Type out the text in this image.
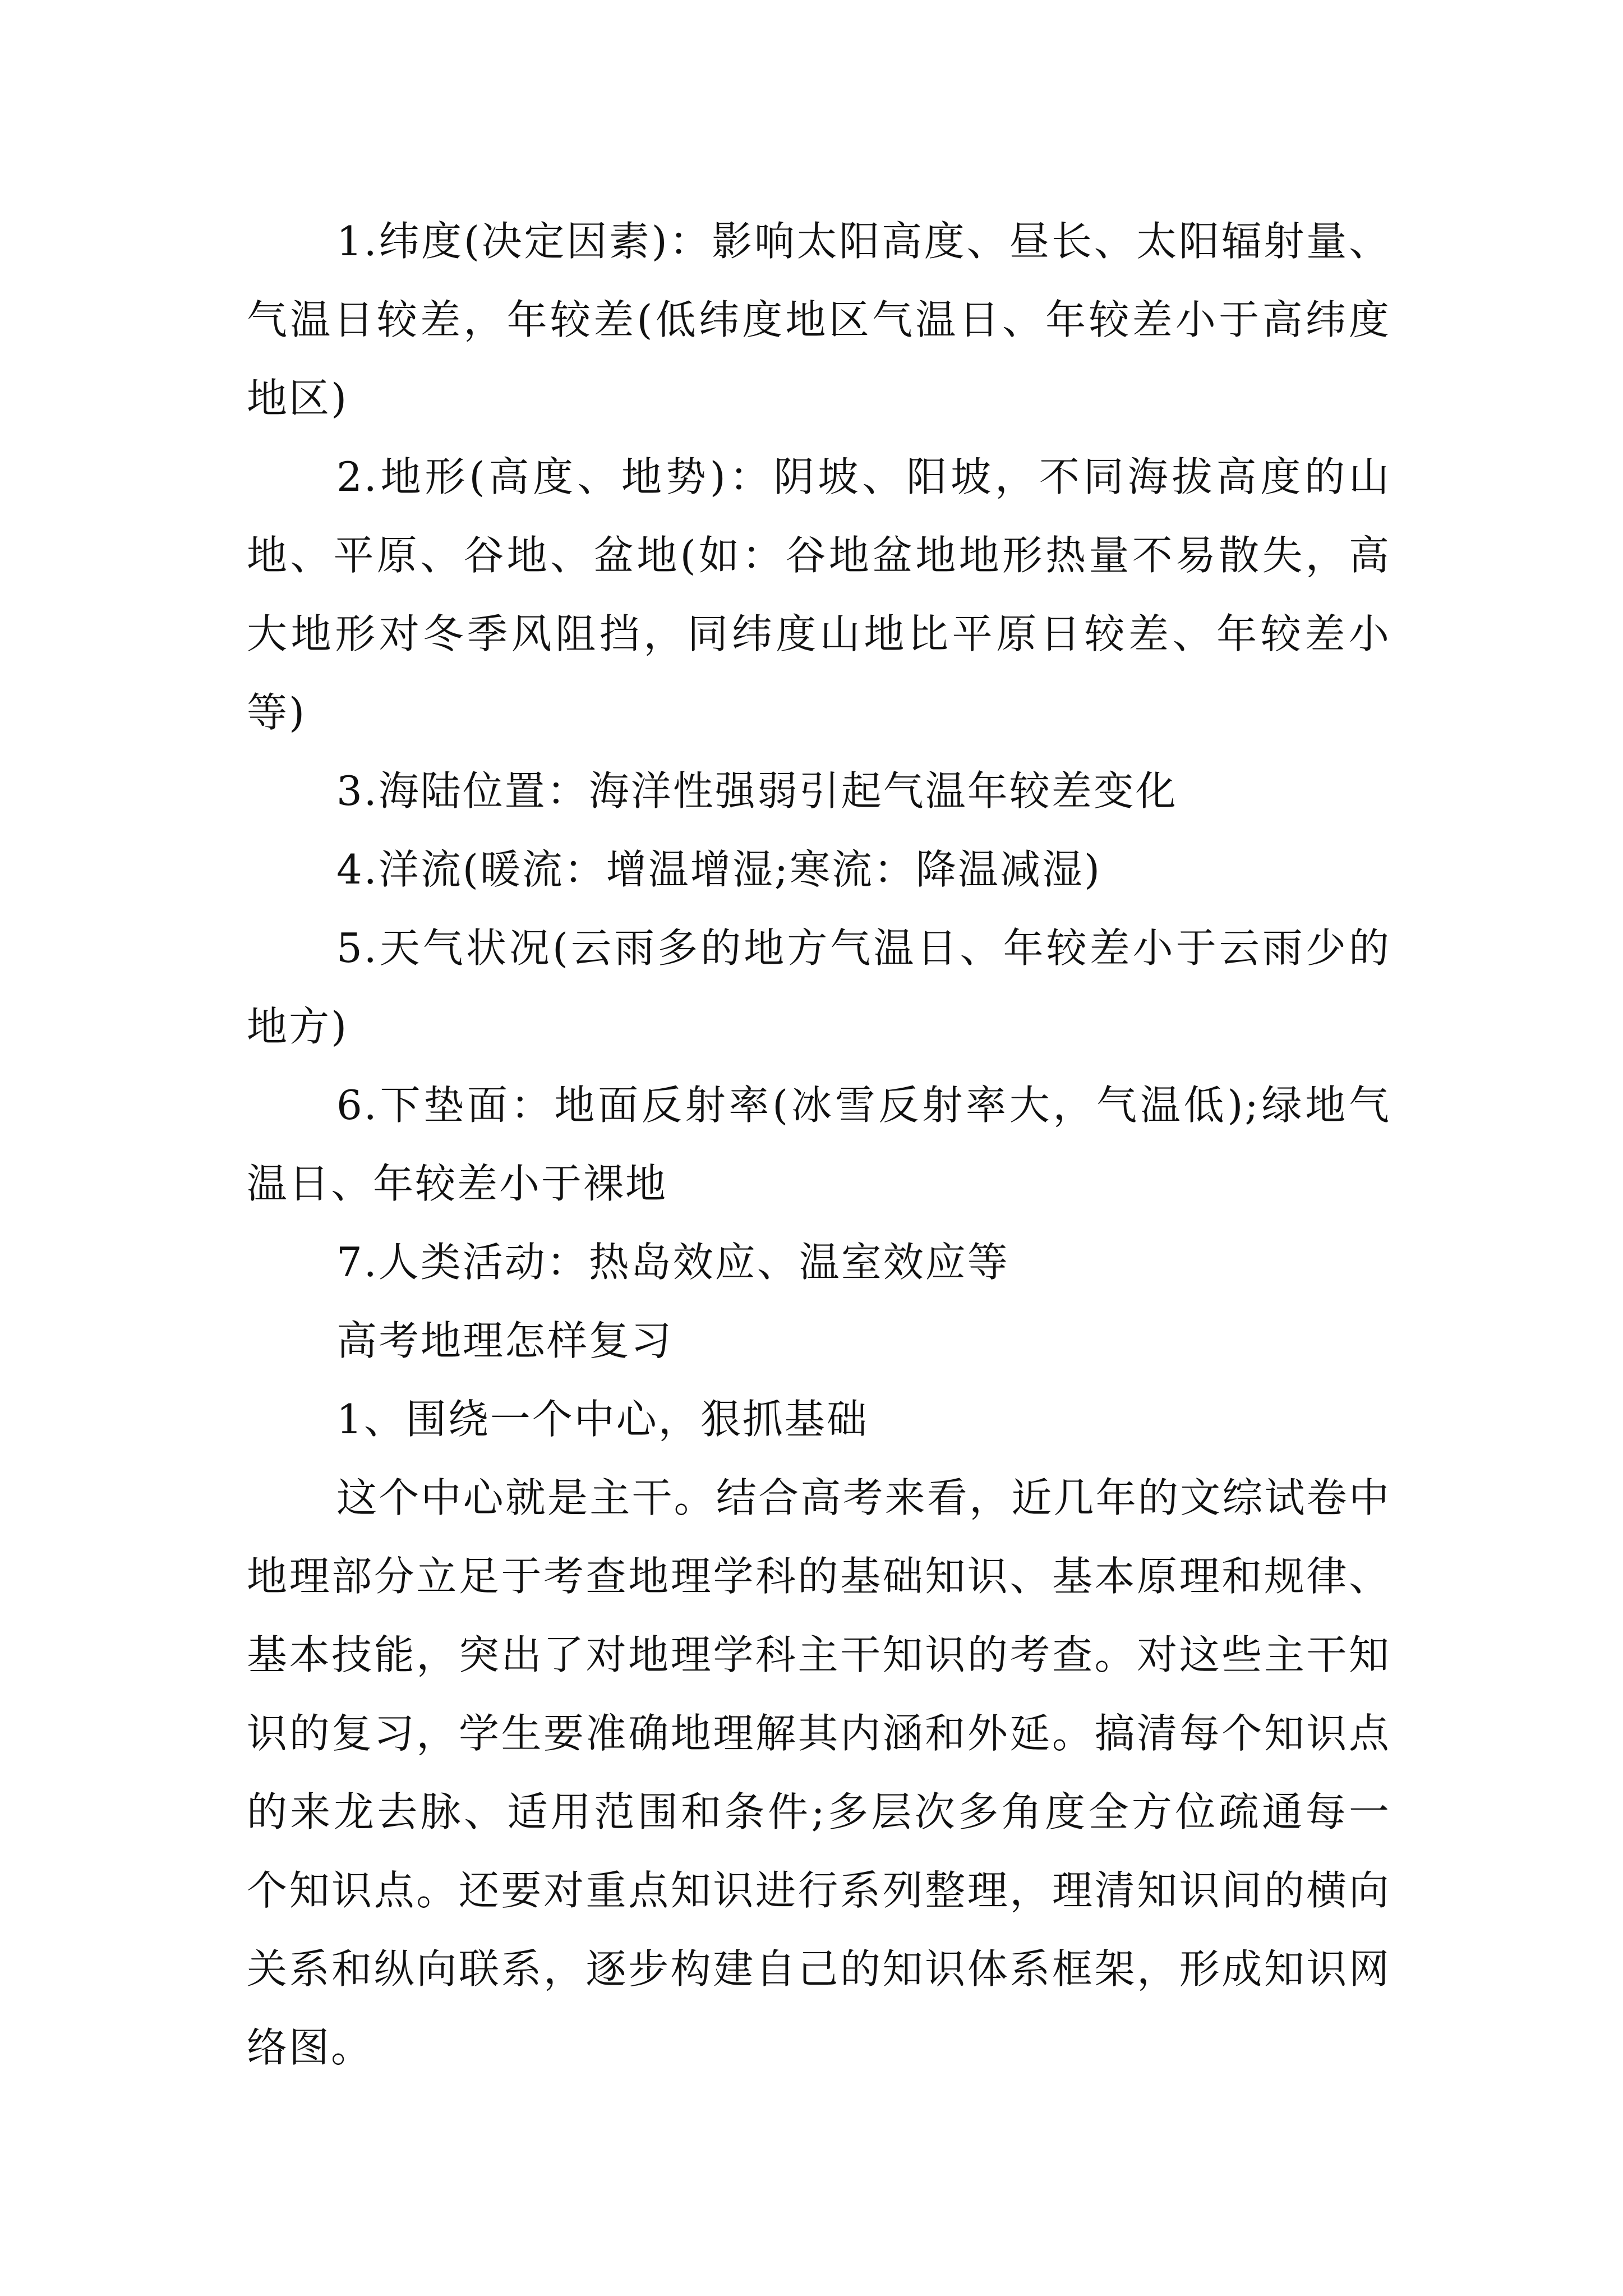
1.纬度(决定因素)：影响太阳高度、昼长、太阳辐射量、气温日较差，年较差(低纬度地区气温日、年较差小于高纬度地区)

2.地形(高度、地势)：阴坡、阳坡，不同海拔高度的山地、平原、谷地、盆地(如：谷地盆地地形热量不易散失，高大地形对冬季风阻挡，同纬度山地比平原日较差、年较差小等)

3.海陆位置：海洋性强弱引起气温年较差变化

4.洋流(暖流：增温增湿;寒流：降温减湿)

5.天气状况(云雨多的地方气温日、年较差小于云雨少的地方)

6.下垫面：地面反射率(冰雪反射率大，气温低);绿地气温日、年较差小于裸地

7.人类活动：热岛效应、温室效应等

高考地理怎样复习

1、围绕一个中心，狠抓基础

这个中心就是主干。结合高考来看，近几年的文综试卷中地理部分立足于考查地理学科的基础知识、基本原理和规律、基本技能，突出了对地理学科主干知识的考查。对这些主干知识的复习，学生要准确地理解其内涵和外延。搞清每个知识点的来龙去脉、适用范围和条件;多层次多角度全方位疏通每一个知识点。还要对重点知识进行系列整理，理清知识间的横向关系和纵向联系，逐步构建自己的知识体系框架，形成知识网络图。
